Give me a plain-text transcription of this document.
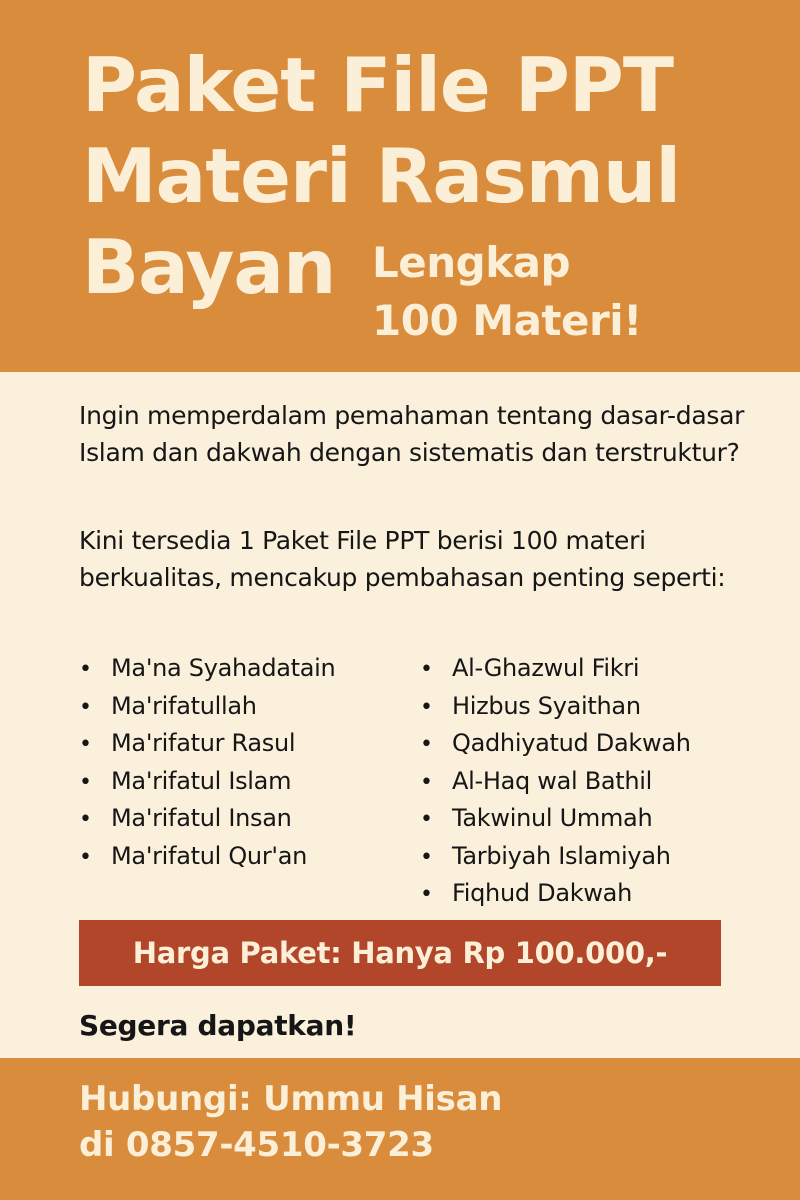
Paket File PPT
Materi Rasmul
Bayan Lengkap

100 Materi!

Ingin memperdalam pemahaman tentang dasar-dasar Islam dan dakwah dengan sistematis dan terstruktur?

Kini tersedia 1 Paket File PPT berisi 100 materi berkualitas, mencakup pembahasan penting seperti:

• Ma'na Syahadatain
• Ma'rifatullah
• Ma'rifatur Rasul
• Ma'rifatul Islam
• Ma'rifatul Insan
• Ma'rifatul Qur'an
• Al-Ghazwul Fikri
• Hizbus Syaithan
• Qadhiyatud Dakwah
• Al-Haq wal Bathil
• Takwinul Ummah
• Tarbiyah Islamiyah
• Fiqhud Dakwah
Harga Paket: Hanya Rp 100.000,-

Segera dapatkan!

Hubungi: Ummu Hisan

di 0857-4510-3723
